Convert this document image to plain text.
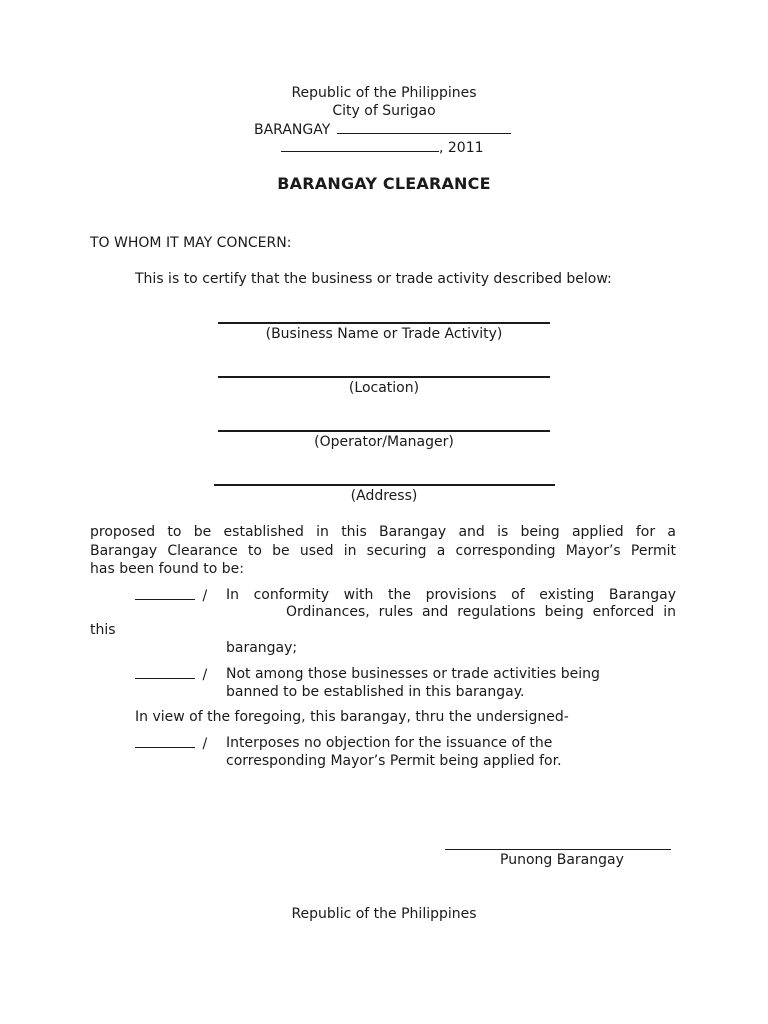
Republic of the Philippines
City of Surigao
BARANGAY
, 2011
BARANGAY CLEARANCE
TO WHOM IT MAY CONCERN:
This is to certify that the business or trade activity described below:
(Business Name or Trade Activity)
(Location)
(Operator/Manager)
(Address)
proposed to be established in this Barangay and is being applied for a
Barangay Clearance to be used in securing a corresponding Mayor’s Permit
has been found to be:
/ In conformity with the provisions of existing Barangay
Ordinances, rules and regulations being enforced in
this
barangay;
/ Not among those businesses or trade activities being
banned to be established in this barangay.
In view of the foregoing, this barangay, thru the undersigned-
/ Interposes no objection for the issuance of the
corresponding Mayor’s Permit being applied for.
Punong Barangay
Republic of the Philippines
